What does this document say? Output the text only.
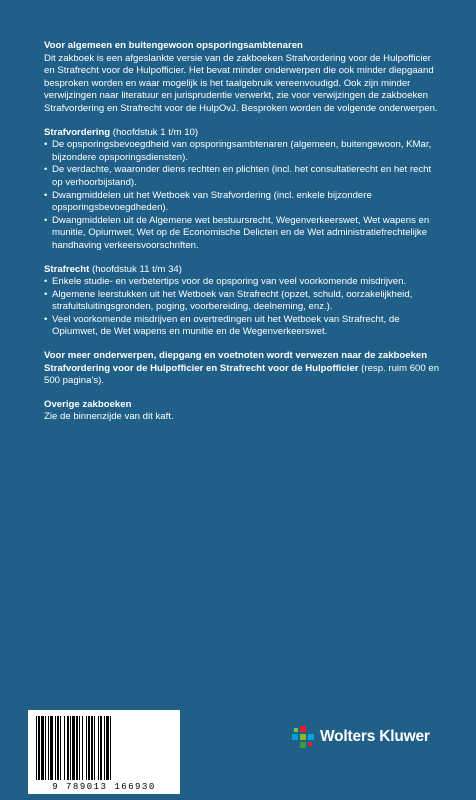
Voor algemeen en buitengewoon opsporingsambtenaren

Dit zakboek is een afgeslankte versie van de zakboeken Strafvordering voor de Hulpofficier en Strafrecht voor de Hulpofficier. Het bevat minder onderwerpen die ook minder diepgaand besproken worden en waar mogelijk is het taalgebruik vereenvoudigd. Ook zijn minder verwijzingen naar literatuur en jurisprudentie verwerkt, zie voor verwijzingen de zakboeken Strafvordering en Strafrecht voor de HulpOvJ. Besproken worden de volgende onderwerpen.

Strafvordering (hoofdstuk 1 t/m 10)

• De opsporingsbevoegdheid van opsporingsambtenaren (algemeen, buitengewoon, KMar, bijzondere opsporingsdiensten).
• De verdachte, waaronder diens rechten en plichten (incl. het consultatierecht en het recht op verhoorbijstand).
• Dwangmiddelen uit het Wetboek van Strafvordering (incl. enkele bijzondere opsporingsbevoegdheden).
• Dwangmiddelen uit de Algemene wet bestuursrecht, Wegenverkeerswet, Wet wapens en munitie, Opiumwet, Wet op de Economische Delicten en de Wet administratiefrechtelijke handhaving verkeersvoorschriften.

Strafrecht (hoofdstuk 11 t/m 34)

• Enkele studie- en verbetertips voor de opsporing van veel voorkomende misdrijven.
• Algemene leerstukken uit het Wetboek van Strafrecht (opzet, schuld, oorzakelijkheid, strafuitsluitingsgronden, poging, voorbereiding, deelneming, enz.).
• Veel voorkomende misdrijven en overtredingen uit het Wetboek van Strafrecht, de Opiumwet, de Wet wapens en munitie en de Wegenverkeerswet.

Voor meer onderwerpen, diepgang en voetnoten wordt verwezen naar de zakboeken Strafvordering voor de Hulpofficier en Strafrecht voor de Hulpofficier (resp. ruim 600 en 500 pagina's).

Overige zakboeken

Zie de binnenzijde van dit kaft.

9 789013 166930
Wolters Kluwer
